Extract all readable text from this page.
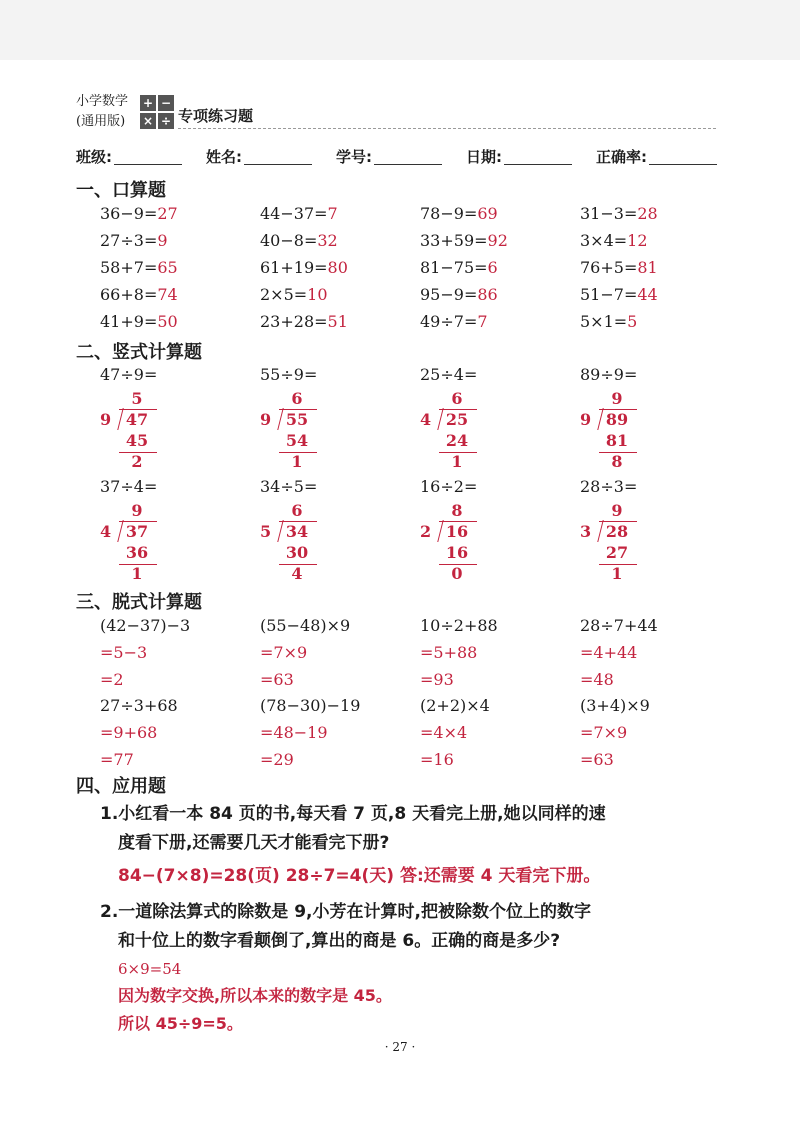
小学数学
(通用版)
+ −
× ÷ 专项练习题
班级:	姓名:	学号:	日期:	正确率:
一、口算题
36−9=27	44−37=7	78−9=69	31−3=28
27÷3=9	40−8=32	33+59=92	3×4=12
58+7=65	61+19=80	81−75=6	76+5=81
66+8=74	2×5=10	95−9=86	51−7=44
41+9=50	23+28=51	49÷7=7	5×1=5
二、竖式计算题
47÷9=
5
9 47
45
2
55÷9=
6
9 55
54
1
25÷4=
6
4 25
24
1
89÷9=
9
9 89
81
8
37÷4=
9
4 37
36
1
34÷5=
6
5 34
30
4
16÷2=
8
2 16
16
0
28÷3=
9
3 28
27
1
三、脱式计算题
(42−37)−3	(55−48)×9	10÷2+88	28÷7+44
=5−3	=7×9	=5+88	=4+44
=2	=63	=93	=48
27÷3+68	(78−30)−19	(2+2)×4	(3+4)×9
=9+68	=48−19	=4×4	=7×9
=77	=29	=16	=63
四、应用题
1.小红看一本 84 页的书,每天看 7 页,8 天看完上册,她以同样的速
度看下册,还需要几天才能看完下册?
84−(7×8)=28(页) 28÷7=4(天) 答:还需要 4 天看完下册。
2.一道除法算式的除数是 9,小芳在计算时,把被除数个位上的数字
和十位上的数字看颠倒了,算出的商是 6。正确的商是多少?
6×9=54
因为数字交换,所以本来的数字是 45。
所以 45÷9=5。
· 27 ·
